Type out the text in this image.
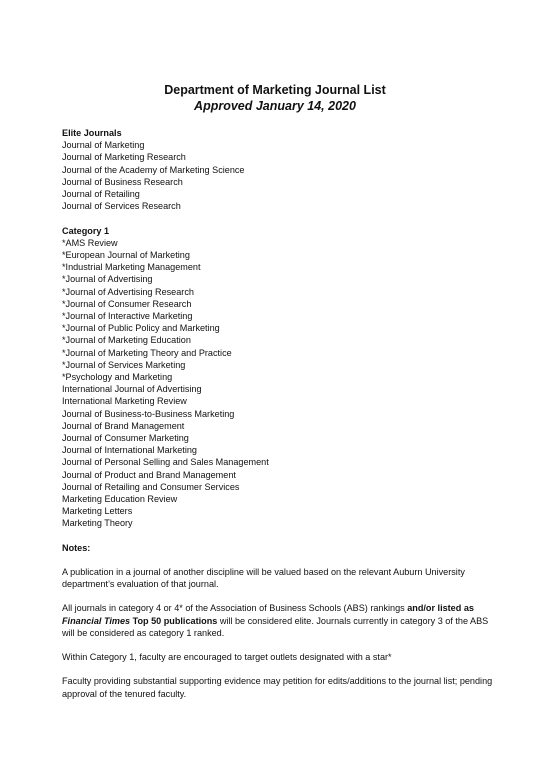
Department of Marketing Journal List

Approved January 14, 2020
Elite Journals
Journal of Marketing
Journal of Marketing Research
Journal of the Academy of Marketing Science
Journal of Business Research
Journal of Retailing
Journal of Services Research
Category 1
*AMS Review
*European Journal of Marketing
*Industrial Marketing Management
*Journal of Advertising
*Journal of Advertising Research
*Journal of Consumer Research
*Journal of Interactive Marketing
*Journal of Public Policy and Marketing
*Journal of Marketing Education
*Journal of Marketing Theory and Practice
*Journal of Services Marketing
*Psychology and Marketing
International Journal of Advertising
International Marketing Review
Journal of Business-to-Business Marketing
Journal of Brand Management
Journal of Consumer Marketing
Journal of International Marketing
Journal of Personal Selling and Sales Management
Journal of Product and Brand Management
Journal of Retailing and Consumer Services
Marketing Education Review
Marketing Letters
Marketing Theory
Notes:

A publication in a journal of another discipline will be valued based on the relevant Auburn University department’s evaluation of that journal.

All journals in category 4 or 4* of the Association of Business Schools (ABS) rankings and/or listed as Financial Times Top 50 publications will be considered elite. Journals currently in category 3 of the ABS will be considered as category 1 ranked.

Within Category 1, faculty are encouraged to target outlets designated with a star*

Faculty providing substantial supporting evidence may petition for edits/additions to the journal list; pending approval of the tenured faculty.
